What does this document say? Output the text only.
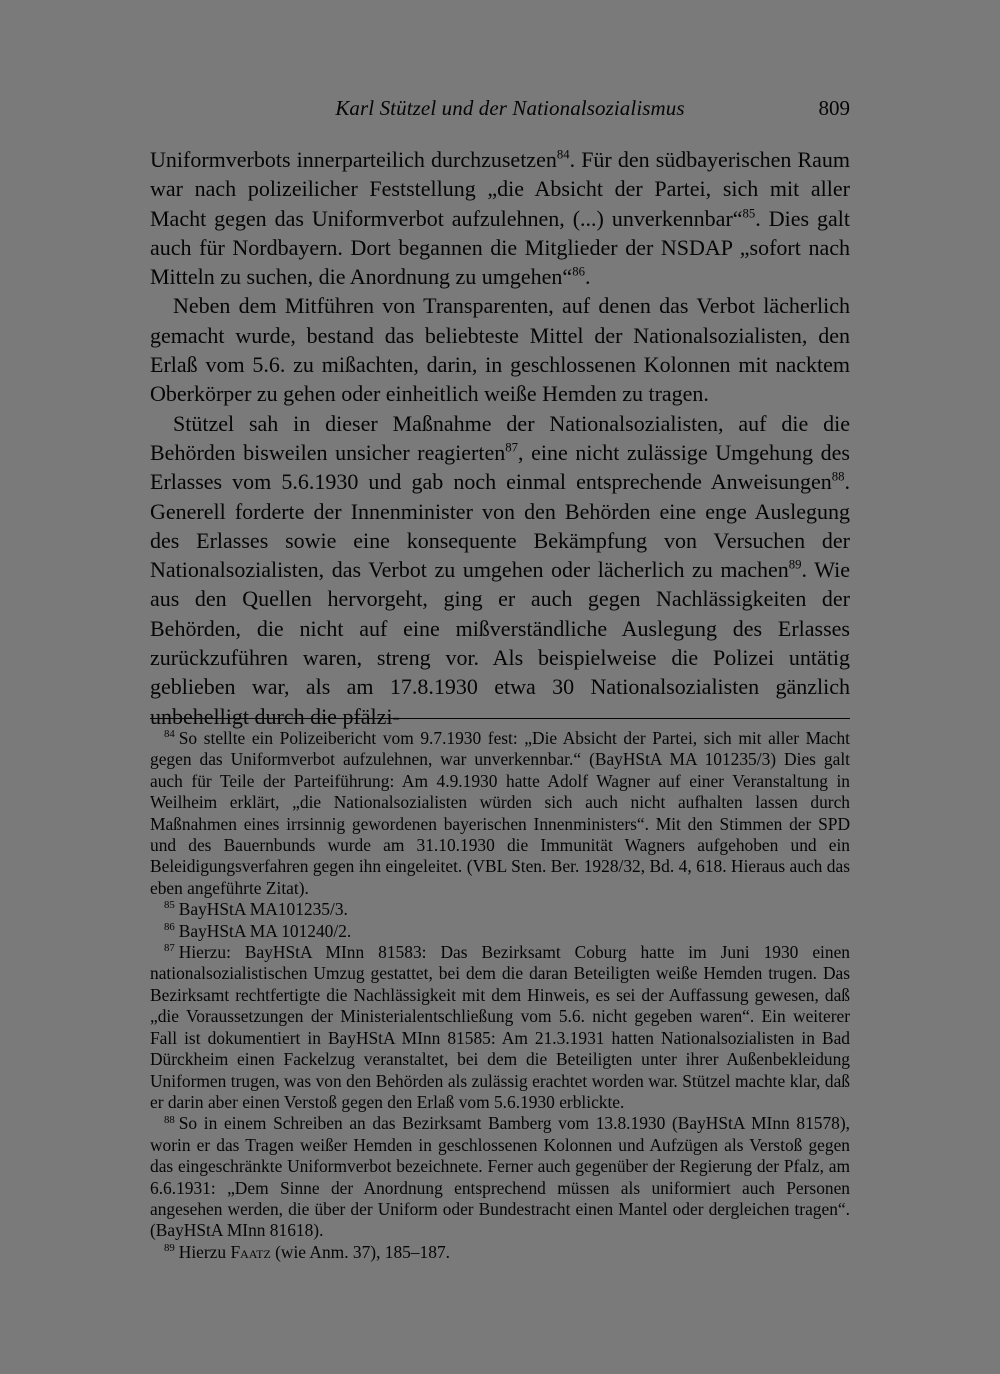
Karl Stützel und der Nationalsozialismus	809

Uniformverbots innerparteilich durchzusetzen$^{84}$. Für den südbayerischen Raum war nach polizeilicher Feststellung „die Absicht der Partei, sich mit aller Macht gegen das Uniformverbot aufzulehnen, (...) unverkennbar“$^{85}$. Dies galt auch für Nordbayern. Dort begannen die Mitglieder der NSDAP „sofort nach Mitteln zu suchen, die Anordnung zu umgehen“$^{86}$.

Neben dem Mitführen von Transparenten, auf denen das Verbot lächerlich gemacht wurde, bestand das beliebteste Mittel der Nationalsozialisten, den Erlaß vom 5.6. zu mißachten, darin, in geschlossenen Kolonnen mit nacktem Oberkörper zu gehen oder einheitlich weiße Hemden zu tragen.

Stützel sah in dieser Maßnahme der Nationalsozialisten, auf die die Behörden bisweilen unsicher reagierten$^{87}$, eine nicht zulässige Umgehung des Erlasses vom 5.6.1930 und gab noch einmal entsprechende Anweisungen$^{88}$. Generell forderte der Innenminister von den Behörden eine enge Auslegung des Erlasses sowie eine konsequente Bekämpfung von Versuchen der Nationalsozialisten, das Verbot zu umgehen oder lächerlich zu machen$^{89}$. Wie aus den Quellen hervorgeht, ging er auch gegen Nachlässigkeiten der Behörden, die nicht auf eine mißverständliche Auslegung des Erlasses zurückzuführen waren, streng vor. Als beispielweise die Polizei untätig geblieben war, als am 17.8.1930 etwa 30 Nationalsozialisten gänzlich unbehelligt durch die pfälzi-

$^{84}$ So stellte ein Polizeibericht vom 9.7.1930 fest: „Die Absicht der Partei, sich mit aller Macht gegen das Uniformverbot aufzulehnen, war unverkennbar.“ (BayHStA MA 101235/3) Dies galt auch für Teile der Parteiführung: Am 4.9.1930 hatte Adolf Wagner auf einer Veranstaltung in Weilheim erklärt, „die Nationalsozialisten würden sich auch nicht aufhalten lassen durch Maßnahmen eines irrsinnig gewordenen bayerischen Innenministers“. Mit den Stimmen der SPD und des Bauernbunds wurde am 31.10.1930 die Immunität Wagners aufgehoben und ein Beleidigungsverfahren gegen ihn eingeleitet. (VBL Sten. Ber. 1928/32, Bd. 4, 618. Hieraus auch das eben angeführte Zitat).

$^{85}$ BayHStA MA101235/3.

$^{86}$ BayHStA MA 101240/2.

$^{87}$ Hierzu: BayHStA MInn 81583: Das Bezirksamt Coburg hatte im Juni 1930 einen nationalsozialistischen Umzug gestattet, bei dem die daran Beteiligten weiße Hemden trugen. Das Bezirksamt rechtfertigte die Nachlässigkeit mit dem Hinweis, es sei der Auffassung gewesen, daß „die Voraussetzungen der Ministerialentschließung vom 5.6. nicht gegeben waren“. Ein weiterer Fall ist dokumentiert in BayHStA MInn 81585: Am 21.3.1931 hatten Nationalsozialisten in Bad Dürckheim einen Fackelzug veranstaltet, bei dem die Beteiligten unter ihrer Außenbekleidung Uniformen trugen, was von den Behörden als zulässig erachtet worden war. Stützel machte klar, daß er darin aber einen Verstoß gegen den Erlaß vom 5.6.1930 erblickte.

$^{88}$ So in einem Schreiben an das Bezirksamt Bamberg vom 13.8.1930 (BayHStA MInn 81578), worin er das Tragen weißer Hemden in geschlossenen Kolonnen und Aufzügen als Verstoß gegen das eingeschränkte Uniformverbot bezeichnete. Ferner auch gegenüber der Regierung der Pfalz, am 6.6.1931: „Dem Sinne der Anordnung entsprechend müssen als uniformiert auch Personen angesehen werden, die über der Uniform oder Bundestracht einen Mantel oder dergleichen tragen“. (BayHStA MInn 81618).

$^{89}$ Hierzu Faatz (wie Anm. 37), 185–187.
